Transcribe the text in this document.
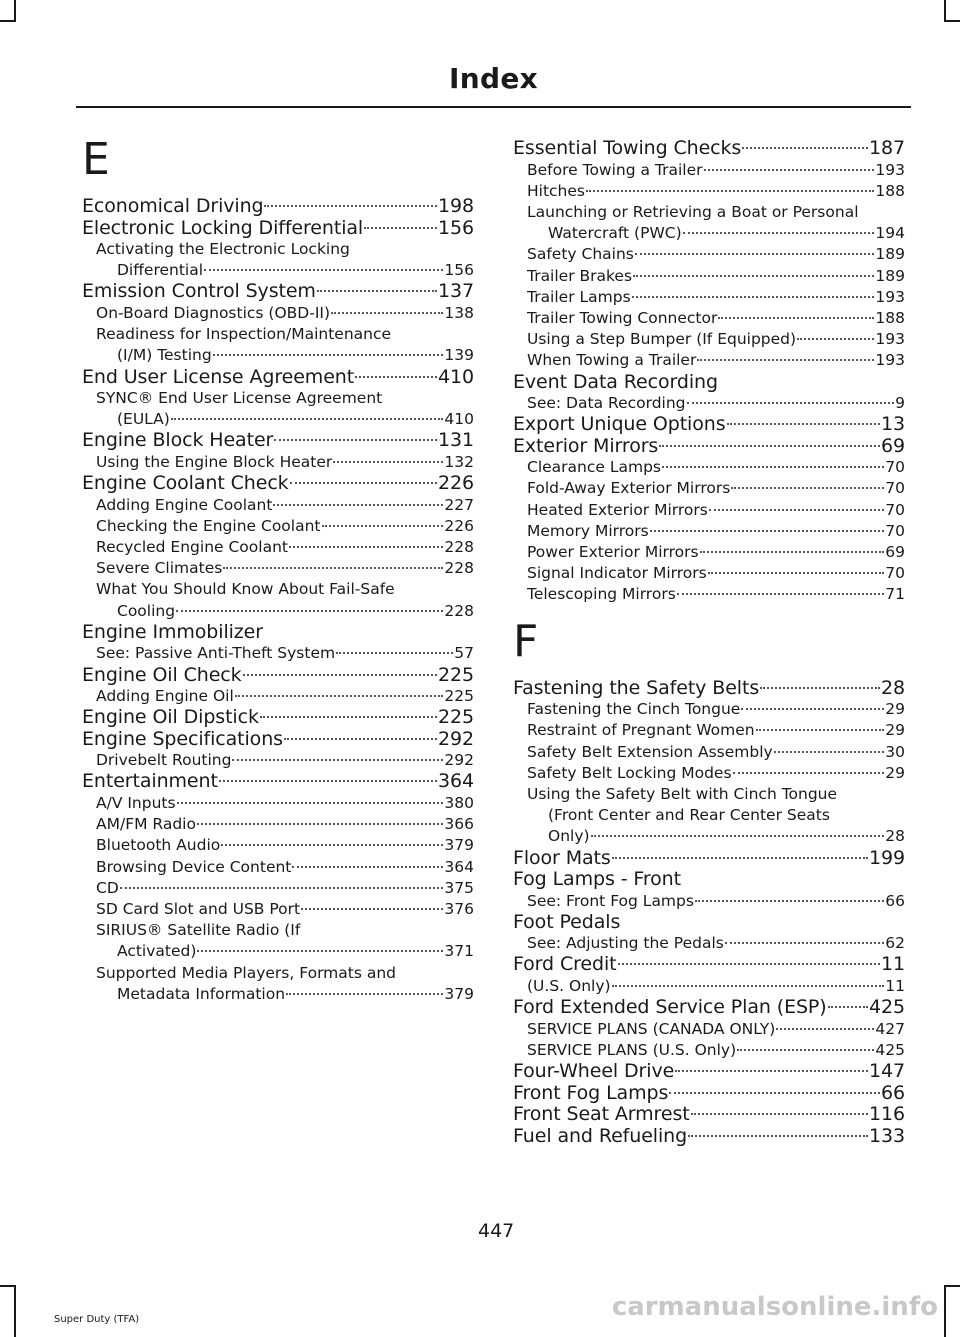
Index
E
Economical Driving	198
Electronic Locking Differential	156
Activating the Electronic Locking
Differential	156
Emission Control System	137
On-Board Diagnostics (OBD-II)	138
Readiness for Inspection/Maintenance
(I/M) Testing	139
End User License Agreement	410
SYNC® End User License Agreement
(EULA)	410
Engine Block Heater	131
Using the Engine Block Heater	132
Engine Coolant Check	226
Adding Engine Coolant	227
Checking the Engine Coolant	226
Recycled Engine Coolant	228
Severe Climates	228
What You Should Know About Fail-Safe
Cooling	228
Engine Immobilizer
See: Passive Anti-Theft System	57
Engine Oil Check	225
Adding Engine Oil	225
Engine Oil Dipstick	225
Engine Specifications	292
Drivebelt Routing	292
Entertainment	364
A/V Inputs	380
AM/FM Radio	366
Bluetooth Audio	379
Browsing Device Content	364
CD	375
SD Card Slot and USB Port	376
SIRIUS® Satellite Radio (If
Activated)	371
Supported Media Players, Formats and
Metadata Information	379
Essential Towing Checks	187
Before Towing a Trailer	193
Hitches	188
Launching or Retrieving a Boat or Personal
Watercraft (PWC)	194
Safety Chains	189
Trailer Brakes	189
Trailer Lamps	193
Trailer Towing Connector	188
Using a Step Bumper (If Equipped)	193
When Towing a Trailer	193
Event Data Recording
See: Data Recording	9
Export Unique Options	13
Exterior Mirrors	69
Clearance Lamps	70
Fold-Away Exterior Mirrors	70
Heated Exterior Mirrors	70
Memory Mirrors	70
Power Exterior Mirrors	69
Signal Indicator Mirrors	70
Telescoping Mirrors	71
F
Fastening the Safety Belts	28
Fastening the Cinch Tongue	29
Restraint of Pregnant Women	29
Safety Belt Extension Assembly	30
Safety Belt Locking Modes	29
Using the Safety Belt with Cinch Tongue
(Front Center and Rear Center Seats
Only)	28
Floor Mats	199
Fog Lamps - Front
See: Front Fog Lamps	66
Foot Pedals
See: Adjusting the Pedals	62
Ford Credit	11
(U.S. Only)	11
Ford Extended Service Plan (ESP) 425
SERVICE PLANS (CANADA ONLY)	427
SERVICE PLANS (U.S. Only)	425
Four-Wheel Drive	147
Front Fog Lamps	66
Front Seat Armrest	116
Fuel and Refueling	133
447
Super Duty (TFA)	carmanualsonline.info
